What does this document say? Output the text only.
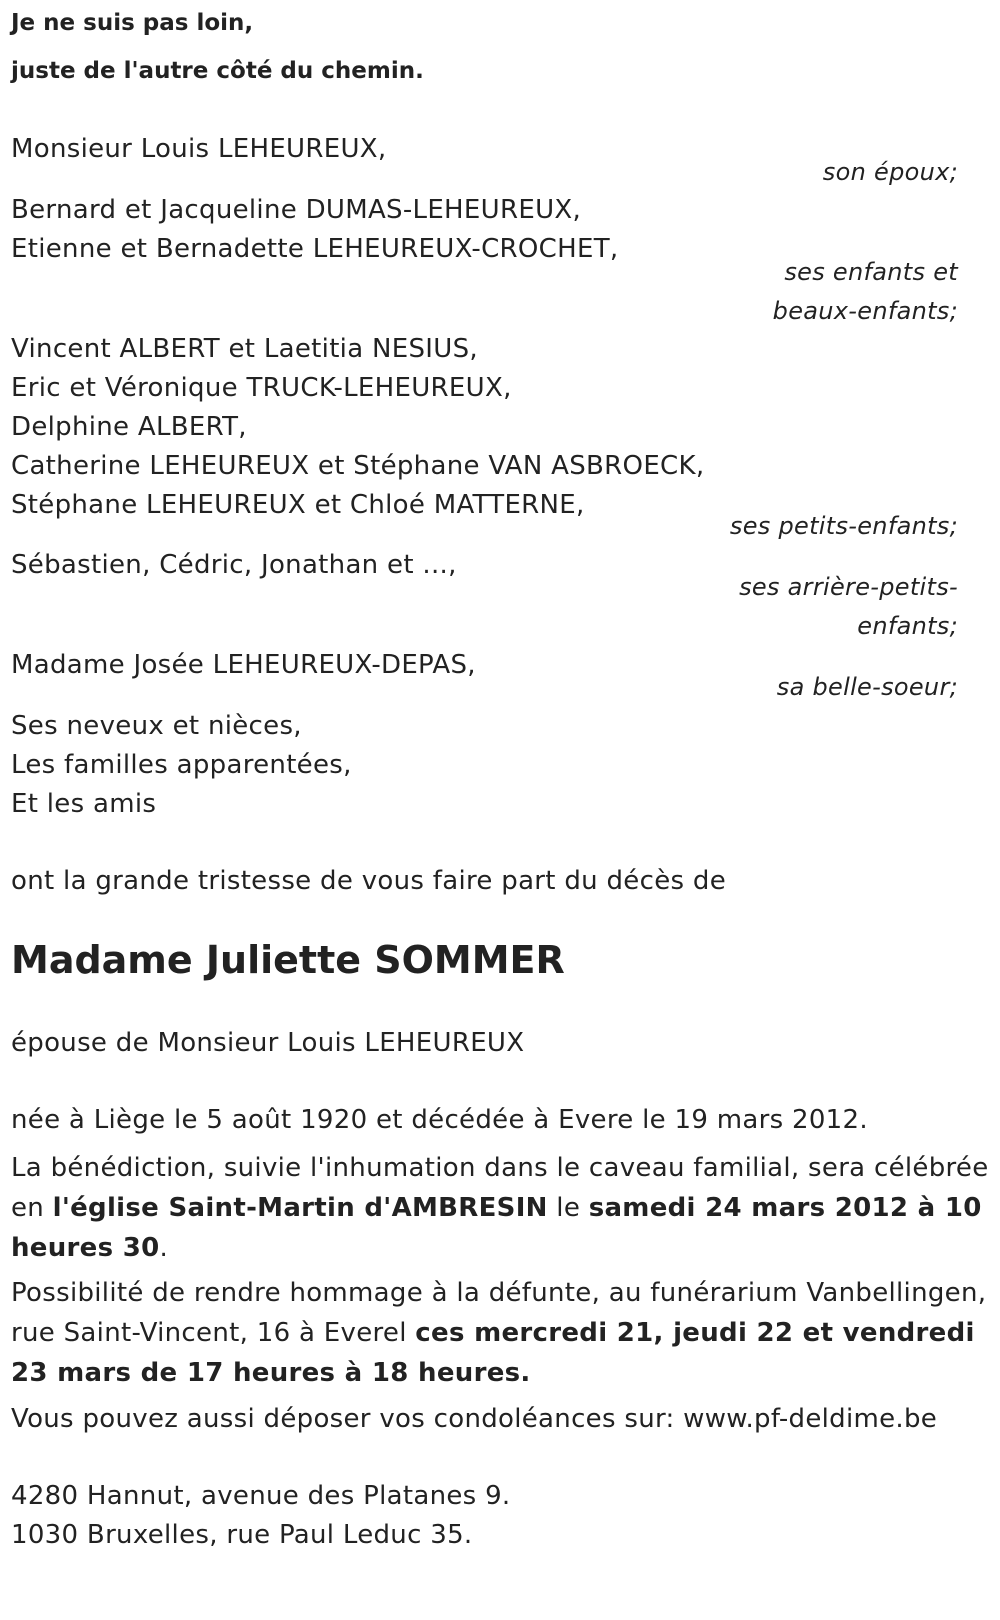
Je ne suis pas loin,
juste de l'autre côté du chemin.
Monsieur Louis LEHEUREUX,
son époux;
Bernard et Jacqueline DUMAS-LEHEUREUX,
Etienne et Bernadette LEHEUREUX-CROCHET,
ses enfants et
beaux-enfants;
Vincent ALBERT et Laetitia NESIUS,
Eric et Véronique TRUCK-LEHEUREUX,
Delphine ALBERT,
Catherine LEHEUREUX et Stéphane VAN ASBROECK,
Stéphane LEHEUREUX et Chloé MATTERNE,
ses petits-enfants;
Sébastien, Cédric, Jonathan et ...,
ses arrière-petits-
enfants;
Madame Josée LEHEUREUX-DEPAS,
sa belle-soeur;
Ses neveux et nièces,
Les familles apparentées,
Et les amis
ont la grande tristesse de vous faire part du décès de
Madame Juliette SOMMER
épouse de Monsieur Louis LEHEUREUX
née à Liège le 5 août 1920 et décédée à Evere le 19 mars 2012.
La bénédiction, suivie l'inhumation dans le caveau familial, sera célébrée en l'église Saint-Martin d'AMBRESIN le samedi 24 mars 2012 à 10 heures 30.
Possibilité de rendre hommage à la défunte, au funérarium Vanbellingen, rue Saint-Vincent, 16 à Everel ces mercredi 21, jeudi 22 et vendredi 23 mars de 17 heures à 18 heures.
Vous pouvez aussi déposer vos condoléances sur: www.pf-deldime.be
4280 Hannut, avenue des Platanes 9.
1030 Bruxelles, rue Paul Leduc 35.
